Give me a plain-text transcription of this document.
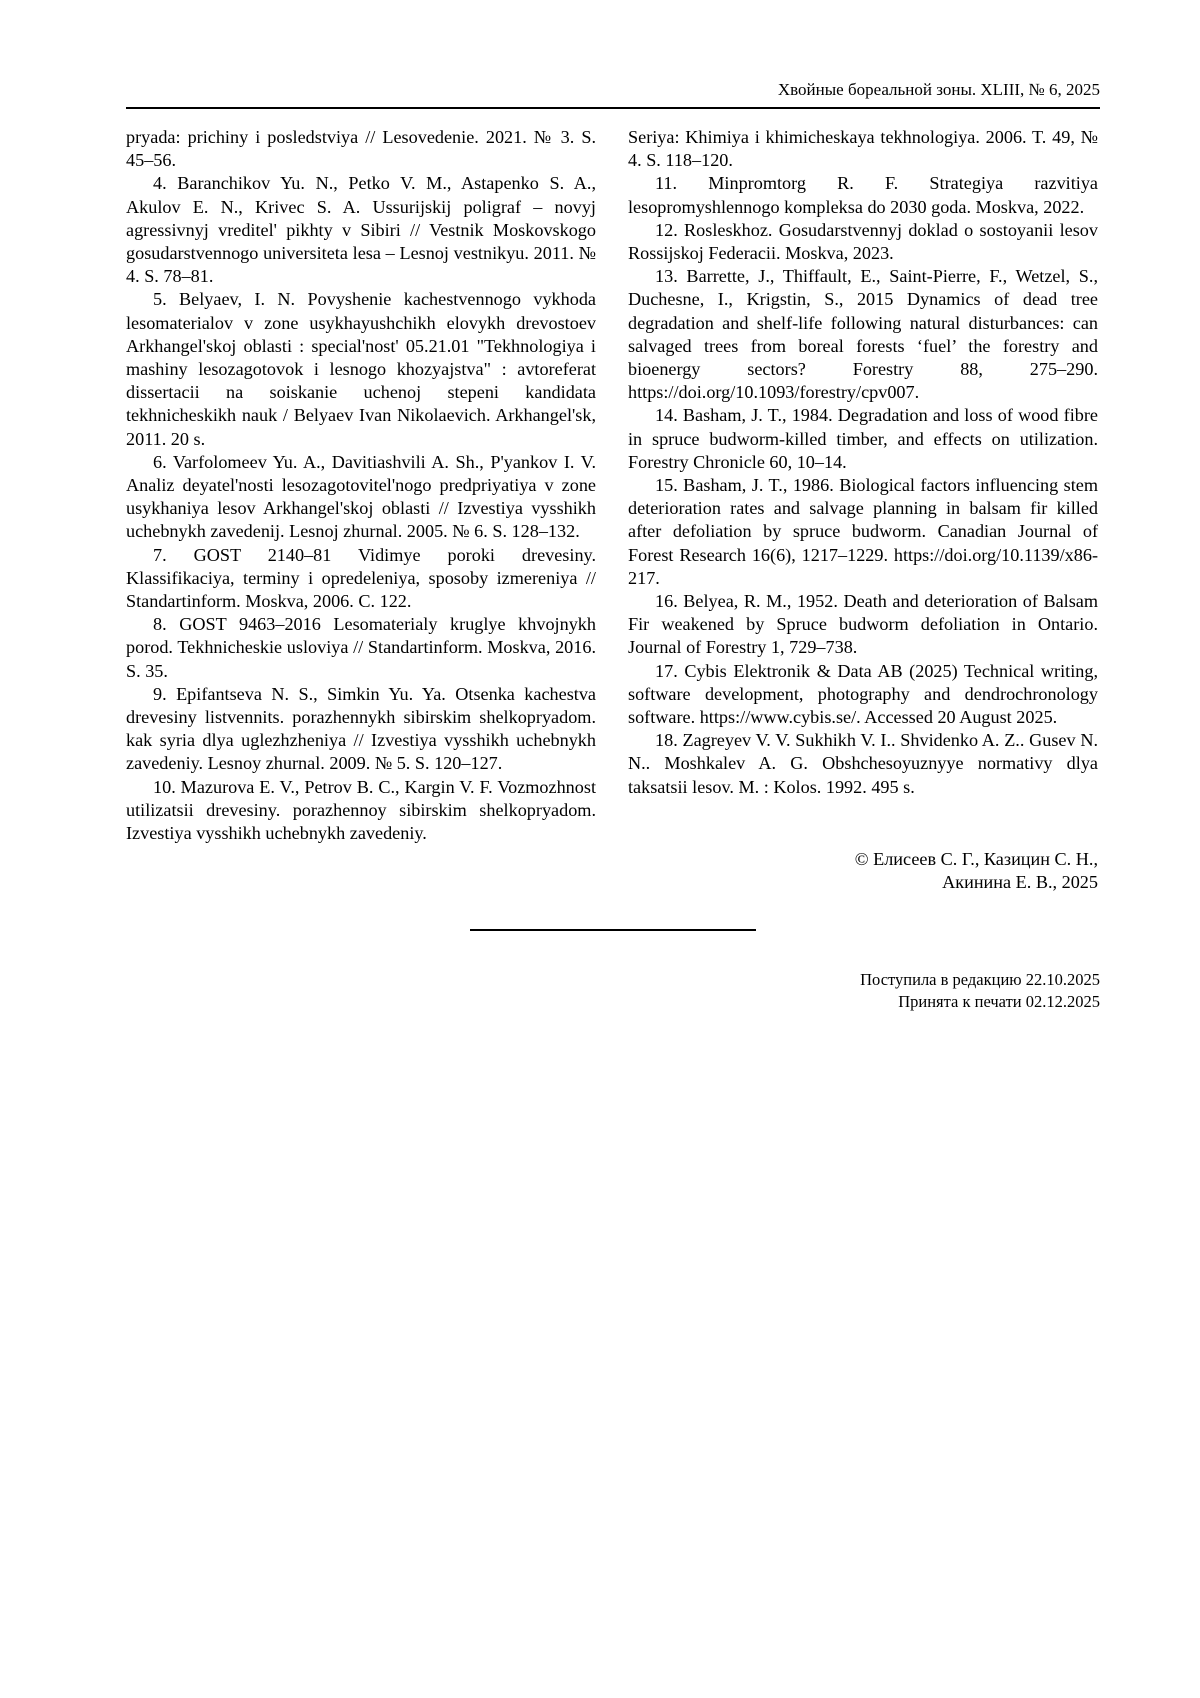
Хвойные бореальной зоны. XLIII, № 6, 2025

pryada: prichiny i posledstviya // Lesovedenie. 2021. № 3. S. 45–56.

4. Baranchikov Yu. N., Petko V. M., Astapenko S. A., Akulov E. N., Krivec S. A. Ussurijskij poligraf – novyj agressivnyj vreditel' pikhty v Sibiri // Vestnik Moskovskogo gosudarstvennogo universiteta lesa – Lesnoj vestnikyu. 2011. № 4. S. 78–81.

5. Belyaev, I. N. Povyshenie kachestvennogo vykhoda lesomaterialov v zone usykhayushchikh elovykh drevostoev Arkhangel'skoj oblasti : special'nost' 05.21.01 "Tekhnologiya i mashiny lesozagotovok i lesnogo khozyajstva" : avtoreferat dissertacii na soiskanie uchenoj stepeni kandidata tekhnicheskikh nauk / Belyaev Ivan Nikolaevich. Arkhangel'sk, 2011. 20 s.

6. Varfolomeev Yu. A., Davitiashvili A. Sh., P'yankov I. V. Analiz deyatel'nosti lesozagotovitel'nogo predpriyatiya v zone usykhaniya lesov Arkhangel'skoj oblasti // Izvestiya vysshikh uchebnykh zavedenij. Lesnoj zhurnal. 2005. № 6. S. 128–132.

7. GOST 2140–81 Vidimye poroki drevesiny. Klassifikaciya, terminy i opredeleniya, sposoby izmereniya // Standartinform. Moskva, 2006. C. 122.

8. GOST 9463–2016 Lesomaterialy kruglye khvojnykh porod. Tekhnicheskie usloviya // Standartinform. Moskva, 2016. S. 35.

9. Epifantseva N. S., Simkin Yu. Ya. Otsenka kachestva drevesiny listvennits. porazhennykh sibirskim shelkopryadom. kak syria dlya uglezhzheniya // Izvestiya vysshikh uchebnykh zavedeniy. Lesnoy zhurnal. 2009. № 5. S. 120–127.

10. Mazurova E. V., Petrov B. C., Kargin V. F. Vozmozhnost utilizatsii drevesiny. porazhennoy sibirskim shelkopryadom. Izvestiya vysshikh uchebnykh zavedeniy.

Seriya: Khimiya i khimicheskaya tekhnologiya. 2006. T. 49, № 4. S. 118–120.

11. Minpromtorg R. F. Strategiya razvitiya lesopromyshlennogo kompleksa do 2030 goda. Moskva, 2022.

12. Rosleskhoz. Gosudarstvennyj doklad o sostoyanii lesov Rossijskoj Federacii. Moskva, 2023.

13. Barrette, J., Thiffault, E., Saint-Pierre, F., Wetzel, S., Duchesne, I., Krigstin, S., 2015 Dynamics of dead tree degradation and shelf-life following natural disturbances: can salvaged trees from boreal forests ‘fuel’ the forestry and bioenergy sectors? Forestry 88, 275–290. https://doi.org/10.1093/forestry/cpv007.

14. Basham, J. T., 1984. Degradation and loss of wood fibre in spruce budworm-killed timber, and effects on utilization. Forestry Chronicle 60, 10–14.

15. Basham, J. T., 1986. Biological factors influencing stem deterioration rates and salvage planning in balsam fir killed after defoliation by spruce budworm. Canadian Journal of Forest Research 16(6), 1217–1229. https://doi.org/10.1139/x86-217.

16. Belyea, R. M., 1952. Death and deterioration of Balsam Fir weakened by Spruce budworm defoliation in Ontario. Journal of Forestry 1, 729–738.

17. Cybis Elektronik & Data AB (2025) Technical writing, software development, photography and dendrochronology software. https://www.cybis.se/. Accessed 20 August 2025.

18. Zagreyev V. V. Sukhikh V. I.. Shvidenko A. Z.. Gusev N. N.. Moshkalev A. G. Obshchesoyuznyye normativy dlya taksatsii lesov. M. : Kolos. 1992. 495 s.

© Елисеев С. Г., Казицин С. Н.,
Акинина Е. В., 2025
Поступила в редакцию 22.10.2025
Принята к печати 02.12.2025
